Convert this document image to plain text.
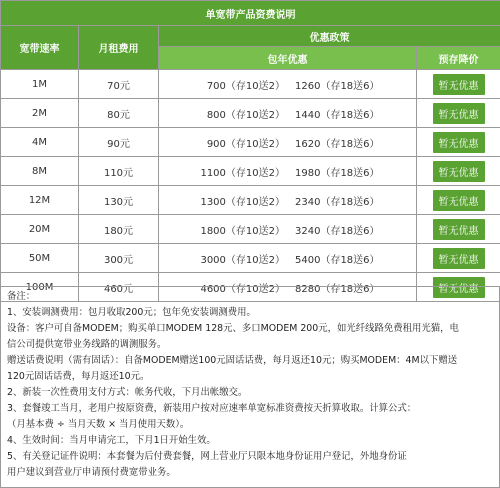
单宽带产品资费说明			
宽带速率	月租费用	优惠政策	
		包年优惠	预存降价
1M	70元	700（存10送2） 1260（存18送6）	暂无优惠
2M	80元	800（存10送2） 1440（存18送6）	暂无优惠
4M	90元	900（存10送2） 1620（存18送6）	暂无优惠
8M	110元	1100（存10送2） 1980（存18送6）	暂无优惠
12M	130元	1300（存10送2） 2340（存18送6）	暂无优惠
20M	180元	1800（存10送2） 3240（存18送6）	暂无优惠
50M	300元	3000（存10送2） 5400（存18送6）	暂无优惠
100M	460元	4600（存10送2） 8280（存18送6）	暂无优惠

备注：

1、安装调测费用：包月收取200元；包年免安装调测费用。

设备：客户可自备MODEM；购买单口MODEM 128元、多口MODEM 200元，如光纤线路免费租用光猫，电

信公司提供宽带业务线路的调测服务。

赠送话费说明（需有固话）：自备MODEM赠送100元固话话费，每月返还10元；购买MODEM：4M以下赠送

120元固话话费，每月返还10元。

2、新装一次性费用支付方式：帐务代收，下月出帐缴交。

3、套餐竣工当月，老用户按原资费，新装用户按对应速率单宽标准资费按天折算收取。计算公式：

（月基本费 ÷ 当月天数 × 当月使用天数）。

4、生效时间：当月申请完工，下月1日开始生效。

5、有关登记证件说明：本套餐为后付费套餐，网上营业厅只限本地身份证用户登记，外地身份证

用户建议到营业厅申请预付费宽带业务。
